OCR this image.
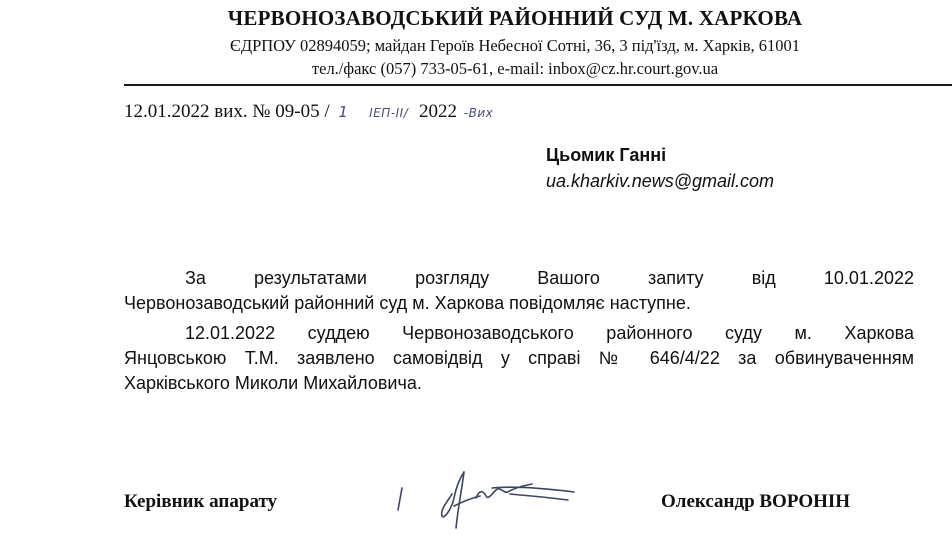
ЧЕРВОНОЗАВОДСЬКИЙ РАЙОННИЙ СУД М. ХАРКОВА
ЄДРПОУ 02894059; майдан Героїв Небесної Сотні, 36, 3 під'їзд, м. Харків, 61001
тел./факс (057) 733-05-61, e-mail: inbox@cz.hr.court.gov.ua
12.01.2022 вих. № 09-05 / 1 ІЕП-ІІ/ 2022 -Вих
Цьомик Ганні
ua.kharkiv.news@gmail.com

За результатами розгляду Вашого запиту від 10.01.2022
Червонозаводський районний суд м. Харкова повідомляє наступне.

12.01.2022 суддею Червонозаводського районного суду м. Харкова
Янцовською Т.М. заявлено самовідвід у справі № 646/4/22 за обвинуваченням
Харківського Миколи Михайловича.

Керівник апарату	Олександр ВОРОНІН
